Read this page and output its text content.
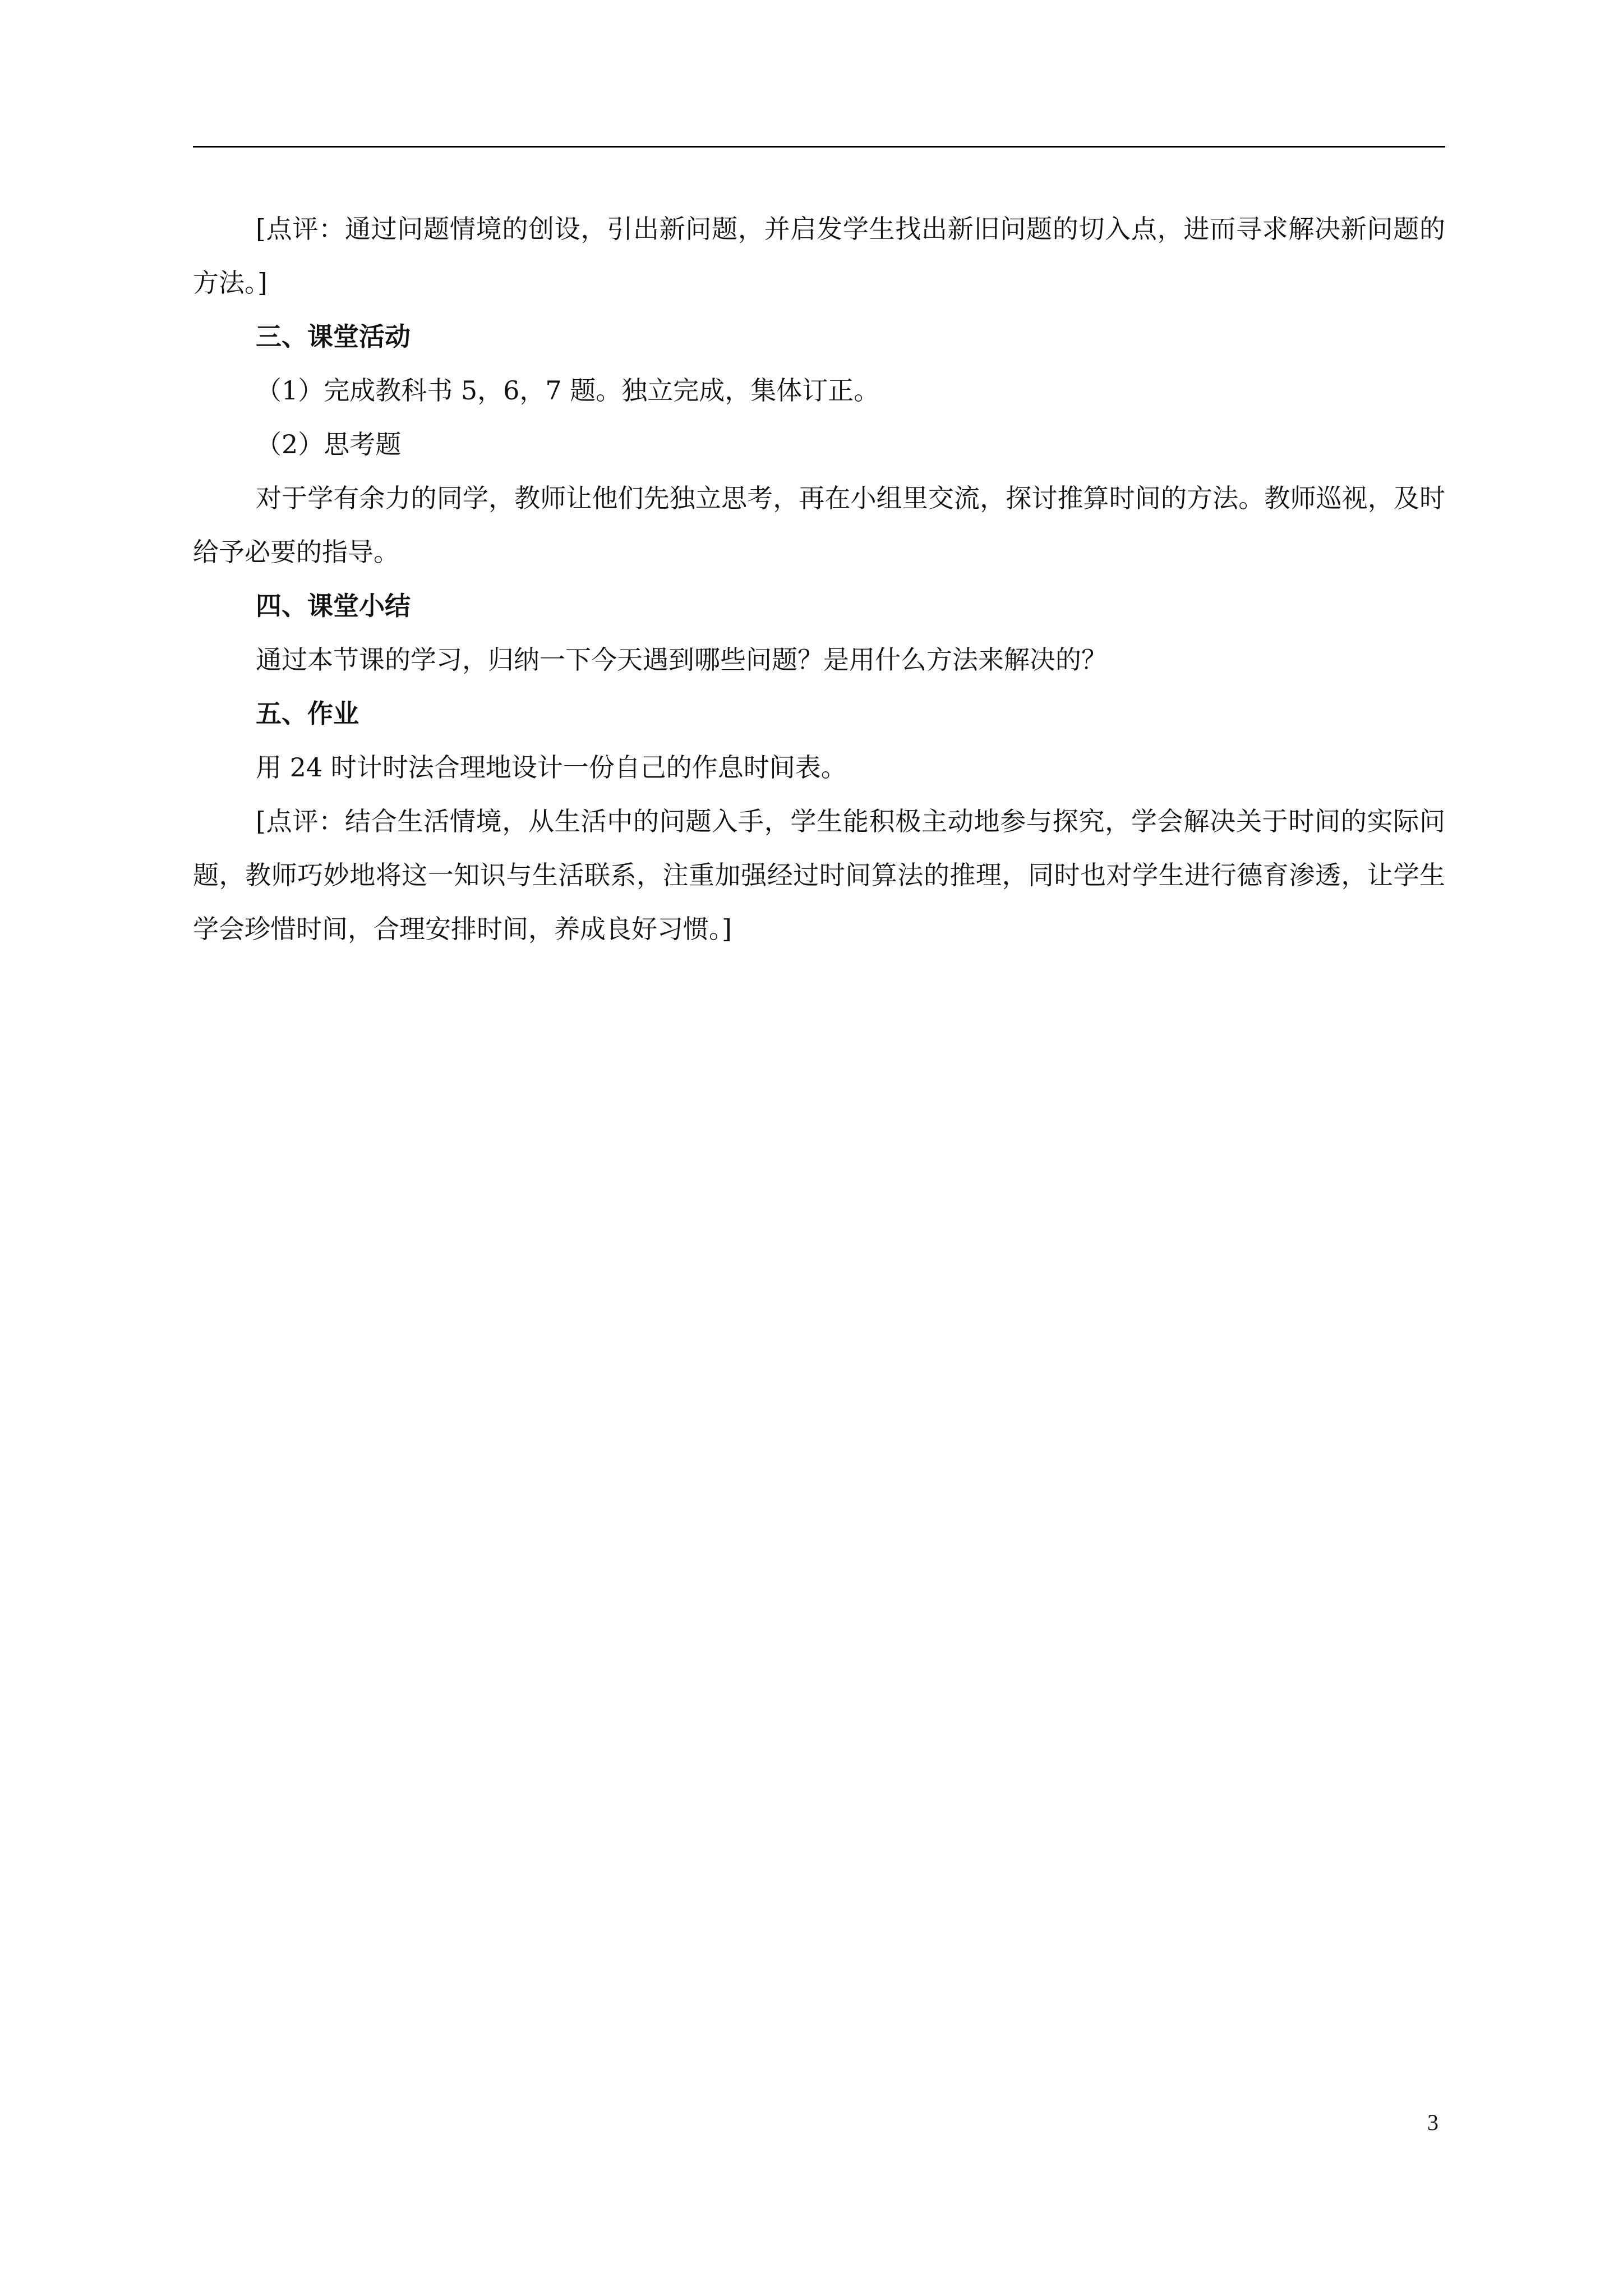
[点评：通过问题情境的创设，引出新问题，并启发学生找出新旧问题的切入点，进而寻求解决新问题的方法。]

三、课堂活动

（1）完成教科书 5，6，7 题。独立完成，集体订正。

（2）思考题

对于学有余力的同学，教师让他们先独立思考，再在小组里交流，探讨推算时间的方法。教师巡视，及时给予必要的指导。

四、课堂小结

通过本节课的学习，归纳一下今天遇到哪些问题？是用什么方法来解决的？

五、作业

用 24 时计时法合理地设计一份自己的作息时间表。

[点评：结合生活情境，从生活中的问题入手，学生能积极主动地参与探究，学会解决关于时间的实际问题，教师巧妙地将这一知识与生活联系，注重加强经过时间算法的推理，同时也对学生进行德育渗透，让学生学会珍惜时间，合理安排时间，养成良好习惯。]

3
